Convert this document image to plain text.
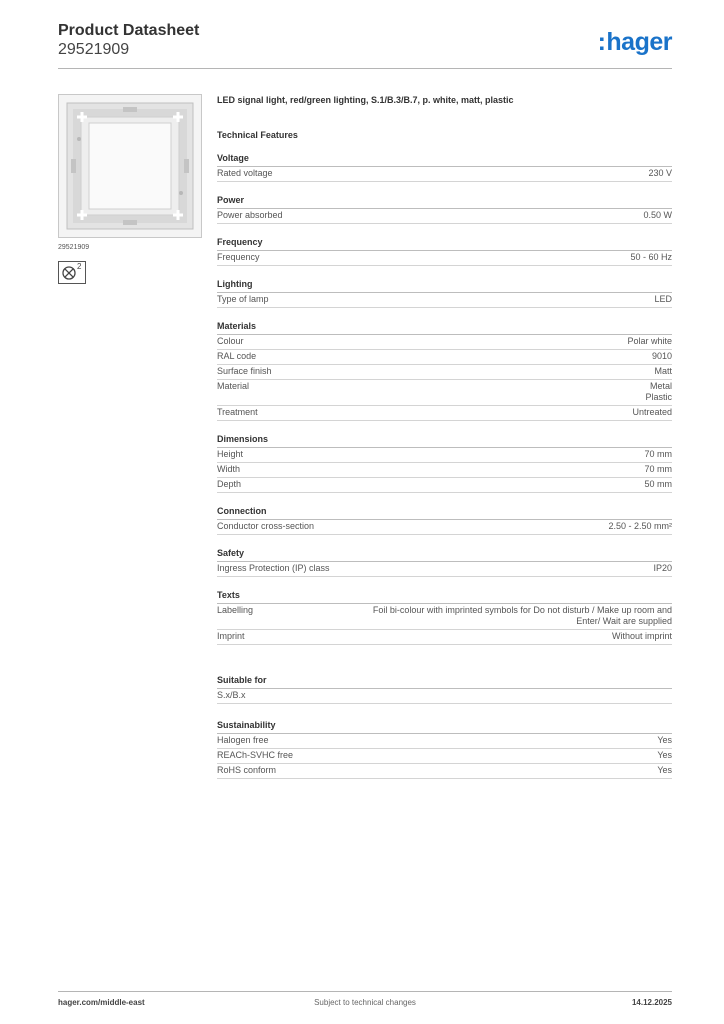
Product Datasheet
29521909	:hager
29521909
2
LED signal light, red/green lighting, S.1/B.3/B.7, p. white, matt, plastic
Technical Features
Voltage
Rated voltage	230 V
Power
Power absorbed	0.50 W
Frequency
Frequency	50 - 60 Hz
Lighting
Type of lamp	LED
Materials
Colour	Polar white
RAL code	9010
Surface finish	Matt
Material	Metal
Plastic
Treatment	Untreated
Dimensions
Height	70 mm
Width	70 mm
Depth	50 mm
Connection
Conductor cross-section	2.50 - 2.50 mm²
Safety
Ingress Protection (IP) class	IP20
Texts
Labelling	Foil bi-colour with imprinted symbols for Do not disturb / Make up room and
Enter/ Wait are supplied
Imprint	Without imprint
Suitable for
S.x/B.x
Sustainability
Halogen free	Yes
REACh-SVHC free	Yes
RoHS conform	Yes
hager.com/middle-east	Subject to technical changes	14.12.2025
